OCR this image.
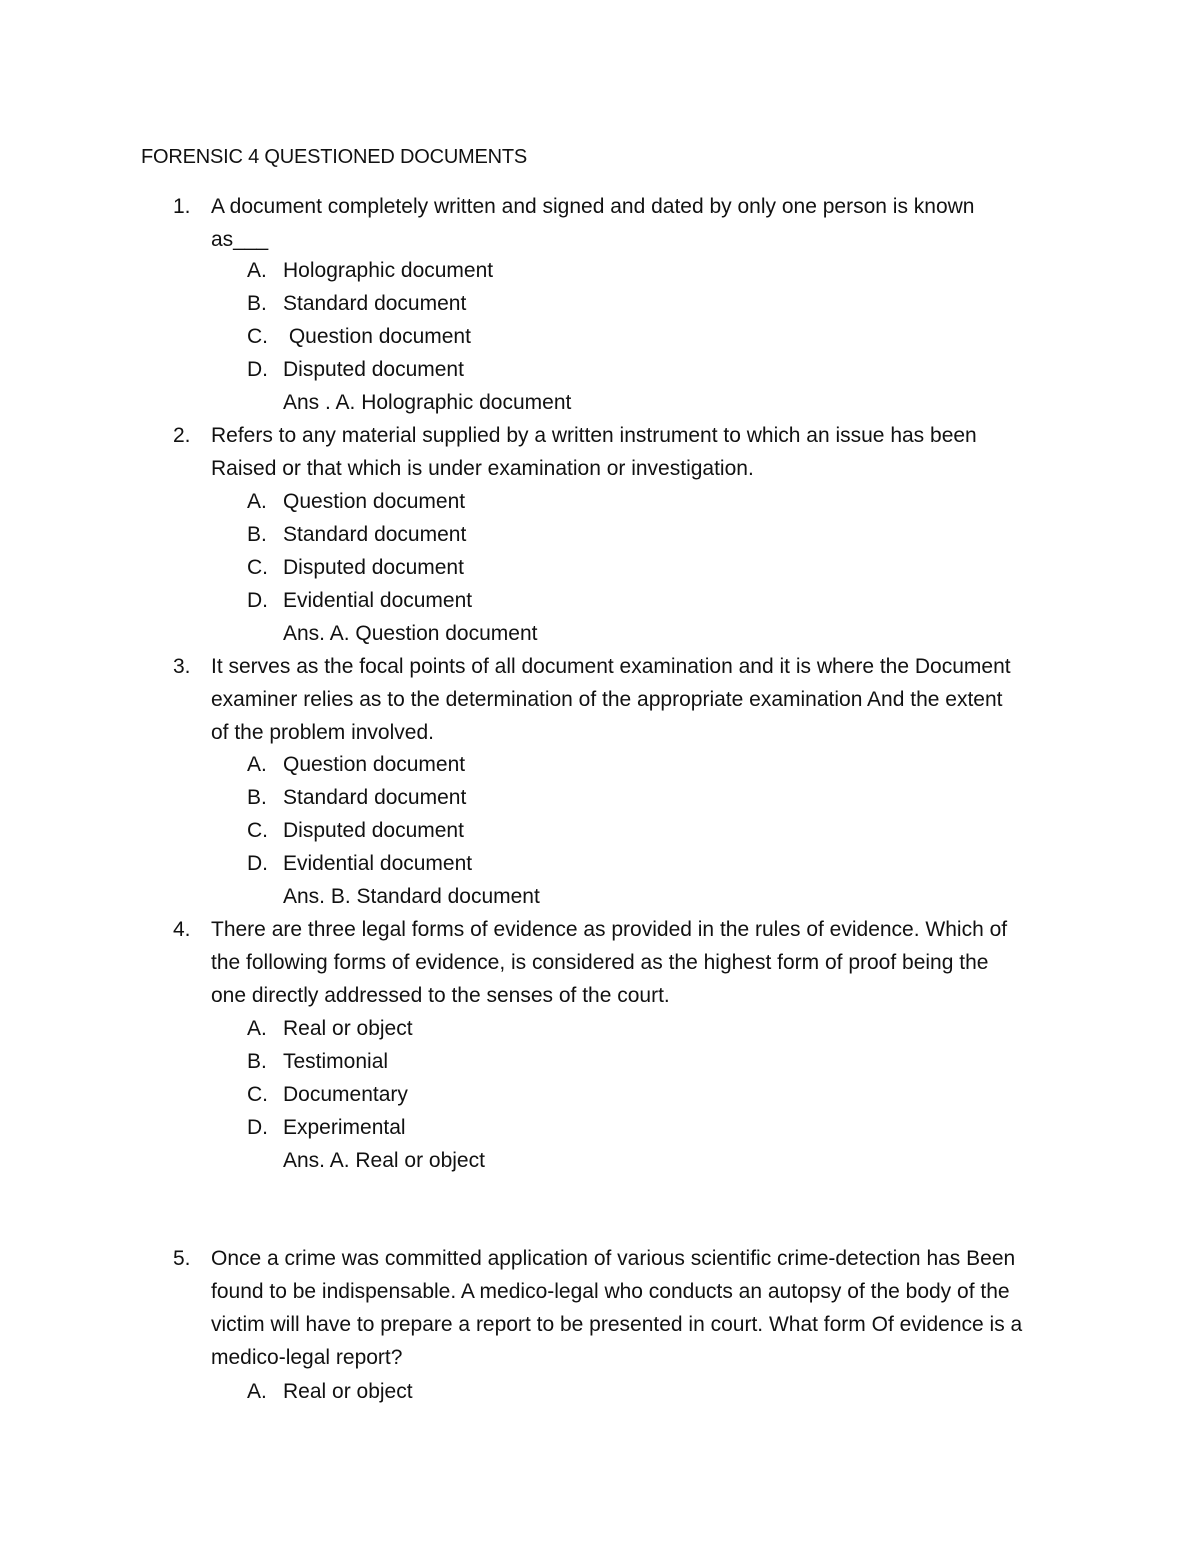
FORENSIC 4 QUESTIONED DOCUMENTS
1. A document completely written and signed and dated by only one person is known
as___
A. Holographic document
B. Standard document
C. Question document
D. Disputed document
Ans . A. Holographic document
2. Refers to any material supplied by a written instrument to which an issue has been
Raised or that which is under examination or investigation.
A. Question document
B. Standard document
C. Disputed document
D. Evidential document
Ans. A. Question document
3. It serves as the focal points of all document examination and it is where the Document
examiner relies as to the determination of the appropriate examination And the extent
of the problem involved.
A. Question document
B. Standard document
C. Disputed document
D. Evidential document
Ans. B. Standard document
4. There are three legal forms of evidence as provided in the rules of evidence. Which of
the following forms of evidence, is considered as the highest form of proof being the
one directly addressed to the senses of the court.
A. Real or object
B. Testimonial
C. Documentary
D. Experimental
Ans. A. Real or object
5. Once a crime was committed application of various scientific crime-detection has Been
found to be indispensable. A medico-legal who conducts an autopsy of the body of the
victim will have to prepare a report to be presented in court. What form Of evidence is a
medico-legal report?
A. Real or object
